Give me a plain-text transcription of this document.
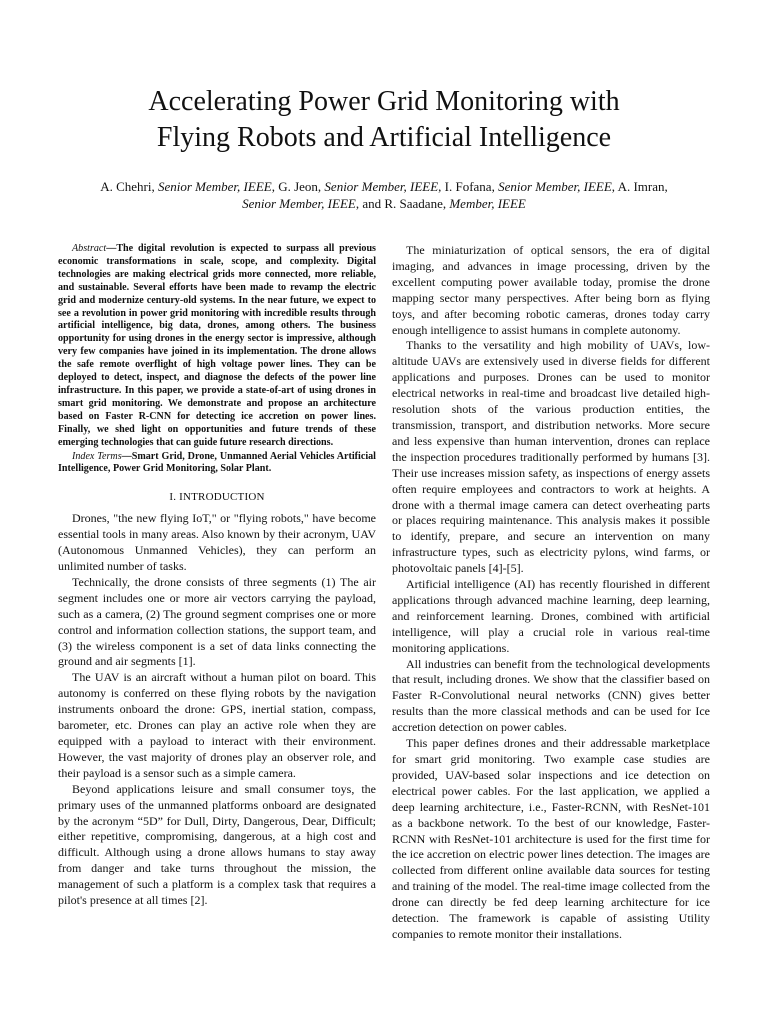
Accelerating Power Grid Monitoring with
Flying Robots and Artificial Intelligence
A. Chehri, Senior Member, IEEE, G. Jeon, Senior Member, IEEE, I. Fofana, Senior Member, IEEE, A. Imran, Senior Member, IEEE, and R. Saadane, Member, IEEE

Abstract—The digital revolution is expected to surpass all previous economic transformations in scale, scope, and complexity. Digital technologies are making electrical grids more connected, more reliable, and sustainable. Several efforts have been made to revamp the electric grid and modernize century-old systems. In the near future, we expect to see a revolution in power grid monitoring with incredible results through artificial intelligence, big data, drones, among others. The business opportunity for using drones in the energy sector is impressive, although very few companies have joined in its implementation. The drone allows the safe remote overflight of high voltage power lines. They can be deployed to detect, inspect, and diagnose the defects of the power line infrastructure. In this paper, we provide a state-of-art of using drones in smart grid monitoring. We demonstrate and propose an architecture based on Faster R-CNN for detecting ice accretion on power lines. Finally, we shed light on opportunities and future trends of these emerging technologies that can guide future research directions.

Index Terms—Smart Grid, Drone, Unmanned Aerial Vehicles Artificial Intelligence, Power Grid Monitoring, Solar Plant.

I. INTRODUCTION

Drones, "the new flying IoT," or "flying robots," have become essential tools in many areas. Also known by their acronym, UAV (Autonomous Unmanned Vehicles), they can perform an unlimited number of tasks.

Technically, the drone consists of three segments (1) The air segment includes one or more air vectors carrying the payload, such as a camera, (2) The ground segment comprises one or more control and information collection stations, the support team, and (3) the wireless component is a set of data links connecting the ground and air segments [1].

The UAV is an aircraft without a human pilot on board. This autonomy is conferred on these flying robots by the navigation instruments onboard the drone: GPS, inertial station, compass, barometer, etc. Drones can play an active role when they are equipped with a payload to interact with their environment. However, the vast majority of drones play an observer role, and their payload is a sensor such as a simple camera.

Beyond applications leisure and small consumer toys, the primary uses of the unmanned platforms onboard are designated by the acronym “5D” for Dull, Dirty, Dangerous, Dear, Difficult; either repetitive, compromising, dangerous, at a high cost and difficult. Although using a drone allows humans to stay away from danger and take turns throughout the mission, the management of such a platform is a complex task that requires a pilot's presence at all times [2].

The miniaturization of optical sensors, the era of digital imaging, and advances in image processing, driven by the excellent computing power available today, promise the drone mapping sector many perspectives. After being born as flying toys, and after becoming robotic cameras, drones today carry enough intelligence to assist humans in complete autonomy.

Thanks to the versatility and high mobility of UAVs, low-altitude UAVs are extensively used in diverse fields for different applications and purposes. Drones can be used to monitor electrical networks in real-time and broadcast live detailed high-resolution shots of the various production entities, the transmission, transport, and distribution networks. More secure and less expensive than human intervention, drones can replace the inspection procedures traditionally performed by humans [3]. Their use increases mission safety, as inspections of energy assets often require employees and contractors to work at heights. A drone with a thermal image camera can detect overheating parts or places requiring maintenance. This analysis makes it possible to identify, prepare, and secure an intervention on many infrastructure types, such as electricity pylons, wind farms, or photovoltaic panels [4]-[5].

Artificial intelligence (AI) has recently flourished in different applications through advanced machine learning, deep learning, and reinforcement learning. Drones, combined with artificial intelligence, will play a crucial role in various real-time monitoring applications.

All industries can benefit from the technological developments that result, including drones. We show that the classifier based on Faster R-Convolutional neural networks (CNN) gives better results than the more classical methods and can be used for Ice accretion detection on power cables.

This paper defines drones and their addressable marketplace for smart grid monitoring. Two example case studies are provided, UAV-based solar inspections and ice detection on electrical power cables. For the last application, we applied a deep learning architecture, i.e., Faster-RCNN, with ResNet-101 as a backbone network. To the best of our knowledge, Faster-RCNN with ResNet-101 architecture is used for the first time for the ice accretion on electric power lines detection. The images are collected from different online available data sources for testing and training of the model. The real-time image collected from the drone can directly be fed deep learning architecture for ice detection. The framework is capable of assisting Utility companies to remote monitor their installations.
